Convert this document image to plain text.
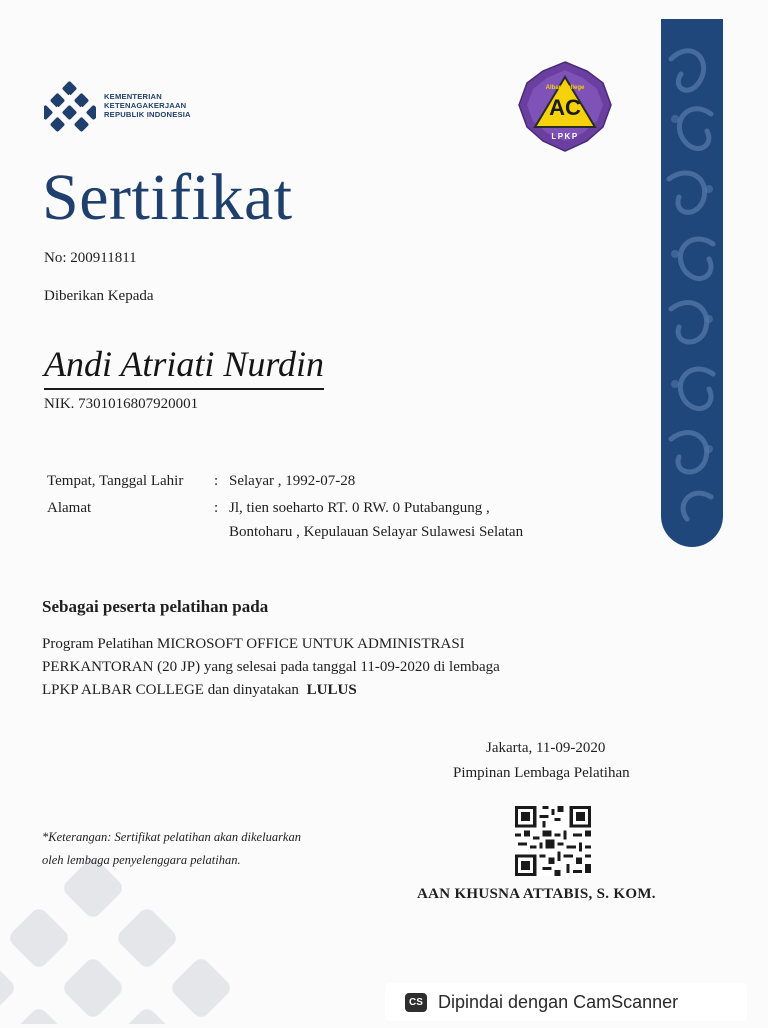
KEMENTERIAN
KETENAGAKERJAAN
REPUBLIK INDONESIA	AC
Albar College
LPKP
Sertifikat
No: 200911811
Diberikan Kepada
Andi Atriati Nurdin
NIK. 7301016807920001
Tempat, Tanggal Lahir : Selayar , 1992-07-28
Alamat	: Jl, tien soeharto RT. 0 RW. 0 Putabangung ,
Bontoharu , Kepulauan Selayar Sulawesi Selatan
Sebagai peserta pelatihan pada
Program Pelatihan MICROSOFT OFFICE UNTUK ADMINISTRASI
PERKANTORAN (20 JP) yang selesai pada tanggal 11-09-2020 di lembaga
LPKP ALBAR COLLEGE dan dinyatakan LULUS
Jakarta, 11-09-2020
Pimpinan Lembaga Pelatihan
AAN KHUSNA ATTABIS, S. KOM.
*Keterangan: Sertifikat pelatihan akan dikeluarkan
oleh lembaga penyelenggara pelatihan.
CS Dipindai dengan CamScanner
